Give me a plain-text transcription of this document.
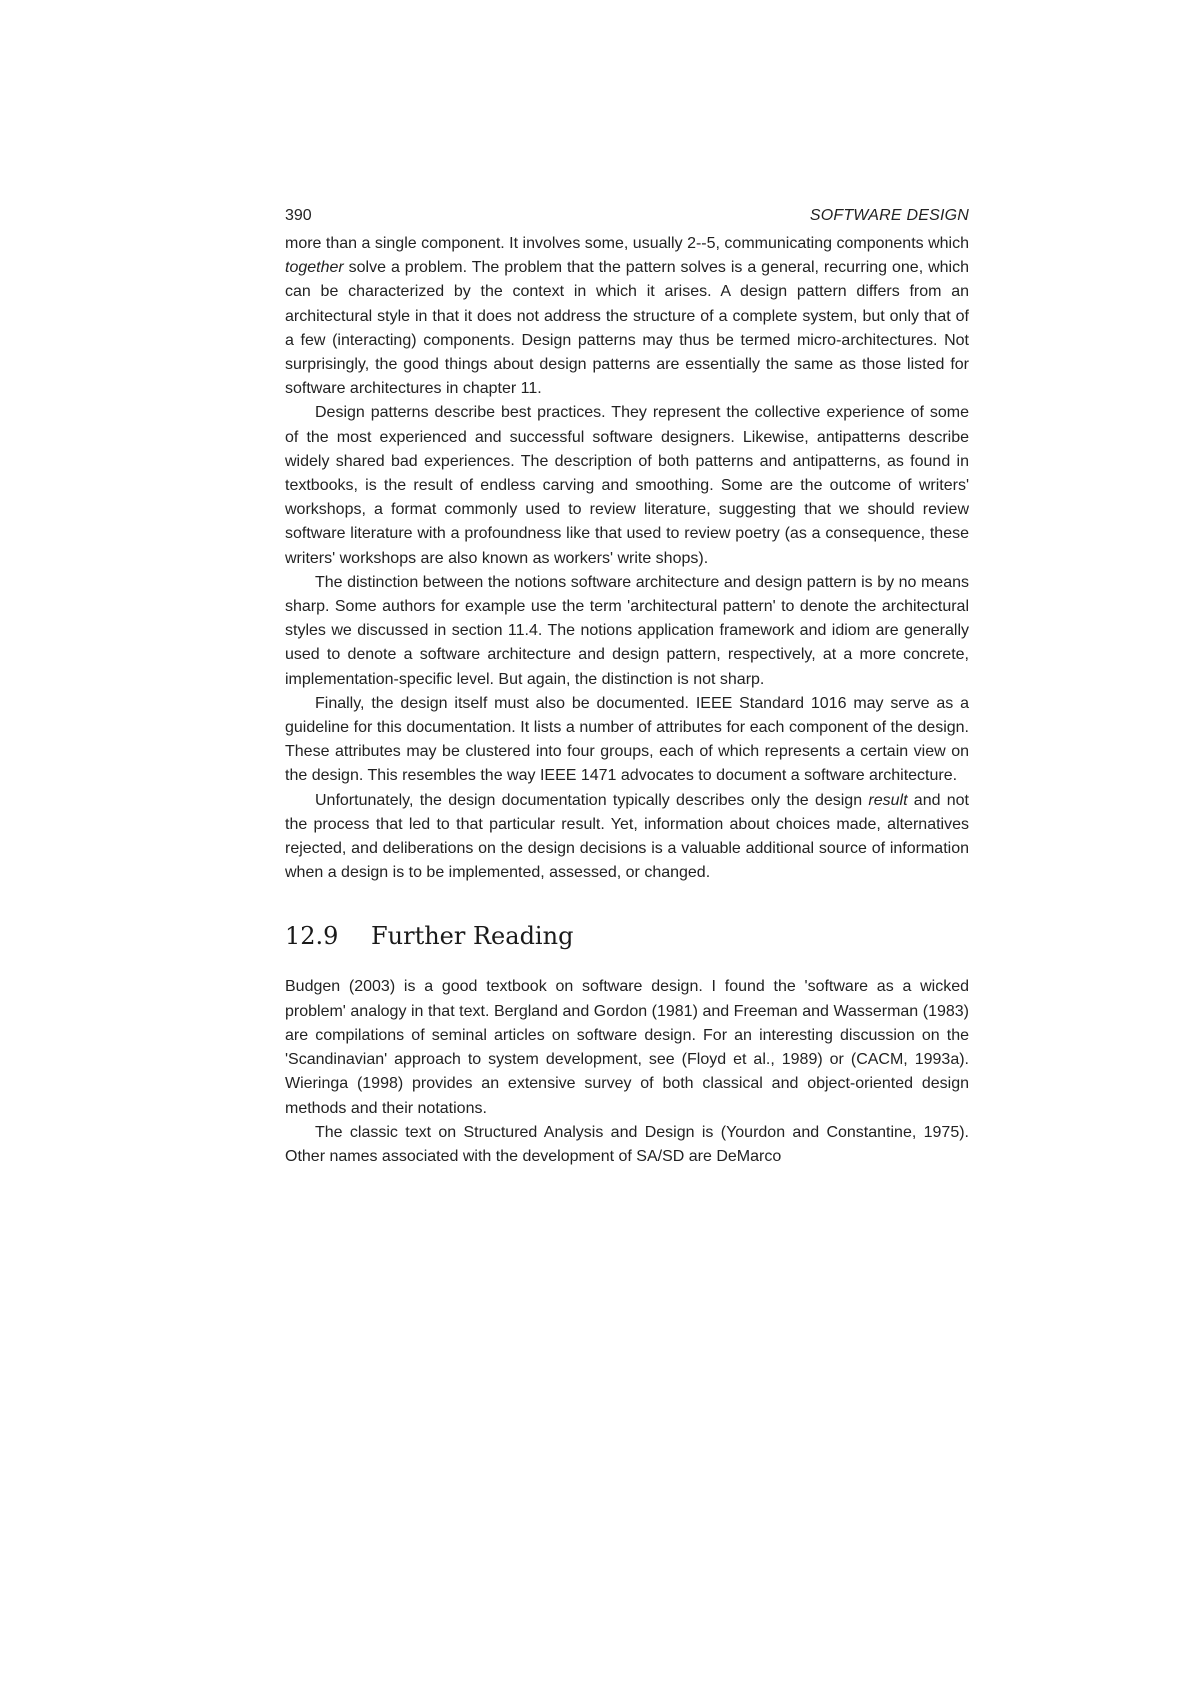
390	SOFTWARE DESIGN

more than a single component. It involves some, usually 2--5, communicating components which together solve a problem. The problem that the pattern solves is a general, recurring one, which can be characterized by the context in which it arises. A design pattern differs from an architectural style in that it does not address the structure of a complete system, but only that of a few (interacting) components. Design patterns may thus be termed micro-architectures. Not surprisingly, the good things about design patterns are essentially the same as those listed for software architectures in chapter 11.

Design patterns describe best practices. They represent the collective experience of some of the most experienced and successful software designers. Likewise, antipatterns describe widely shared bad experiences. The description of both patterns and antipatterns, as found in textbooks, is the result of endless carving and smoothing. Some are the outcome of writers' workshops, a format commonly used to review literature, suggesting that we should review software literature with a profoundness like that used to review poetry (as a consequence, these writers' workshops are also known as workers' write shops).

The distinction between the notions software architecture and design pattern is by no means sharp. Some authors for example use the term 'architectural pattern' to denote the architectural styles we discussed in section 11.4. The notions application framework and idiom are generally used to denote a software architecture and design pattern, respectively, at a more concrete, implementation-specific level. But again, the distinction is not sharp.

Finally, the design itself must also be documented. IEEE Standard 1016 may serve as a guideline for this documentation. It lists a number of attributes for each component of the design. These attributes may be clustered into four groups, each of which represents a certain view on the design. This resembles the way IEEE 1471 advocates to document a software architecture.

Unfortunately, the design documentation typically describes only the design result and not the process that led to that particular result. Yet, information about choices made, alternatives rejected, and deliberations on the design decisions is a valuable additional source of information when a design is to be implemented, assessed, or changed.

12.9 Further Reading

Budgen (2003) is a good textbook on software design. I found the 'software as a wicked problem' analogy in that text. Bergland and Gordon (1981) and Freeman and Wasserman (1983) are compilations of seminal articles on software design. For an interesting discussion on the 'Scandinavian' approach to system development, see (Floyd et al., 1989) or (CACM, 1993a). Wieringa (1998) provides an extensive survey of both classical and object-oriented design methods and their notations.

The classic text on Structured Analysis and Design is (Yourdon and Constantine, 1975). Other names associated with the development of SA/SD are DeMarco
